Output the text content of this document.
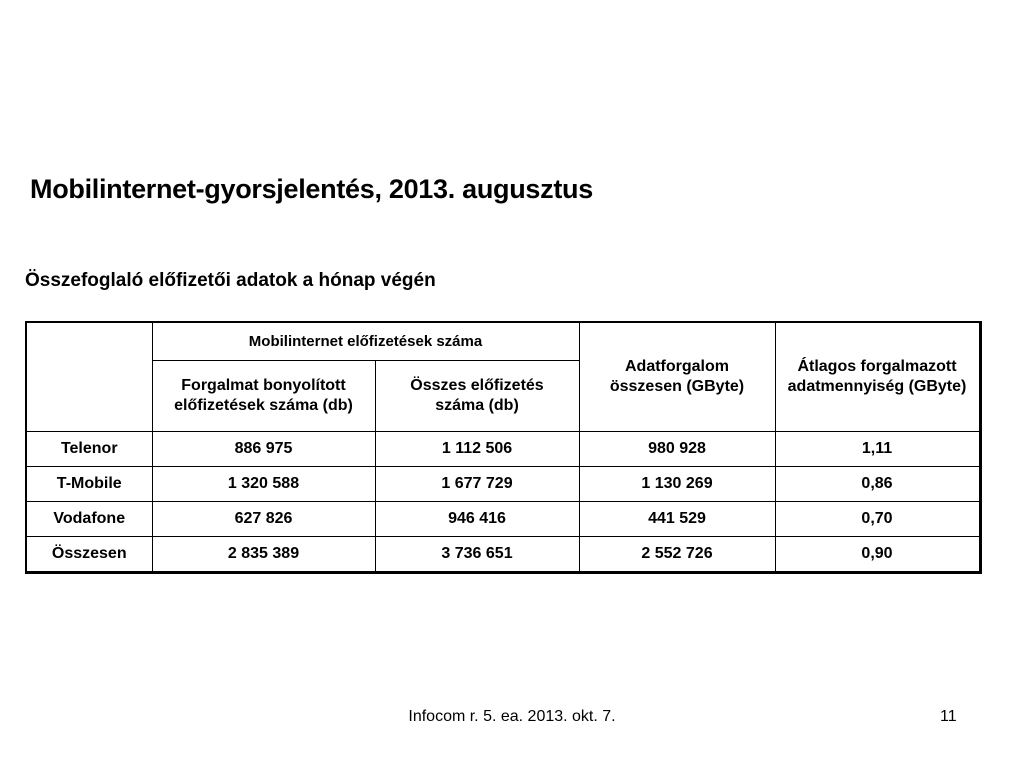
Mobilinternet-gyorsjelentés, 2013. augusztus
Összefoglaló előfizetői adatok a hónap végén
	Mobilinternet előfizetések száma		Adatforgalom összesen (GByte)	Átlagos forgalmazott adatmennyiség (GByte)
	Forgalmat bonyolított előfizetések száma (db)	Összes előfizetés száma (db)		
Telenor	886 975	1 112 506	980 928	1,11
T-Mobile	1 320 588	1 677 729	1 130 269	0,86
Vodafone	627 826	946 416	441 529	0,70
Összesen	2 835 389	3 736 651	2 552 726	0,90
Infocom r. 5. ea. 2013. okt. 7.	11
